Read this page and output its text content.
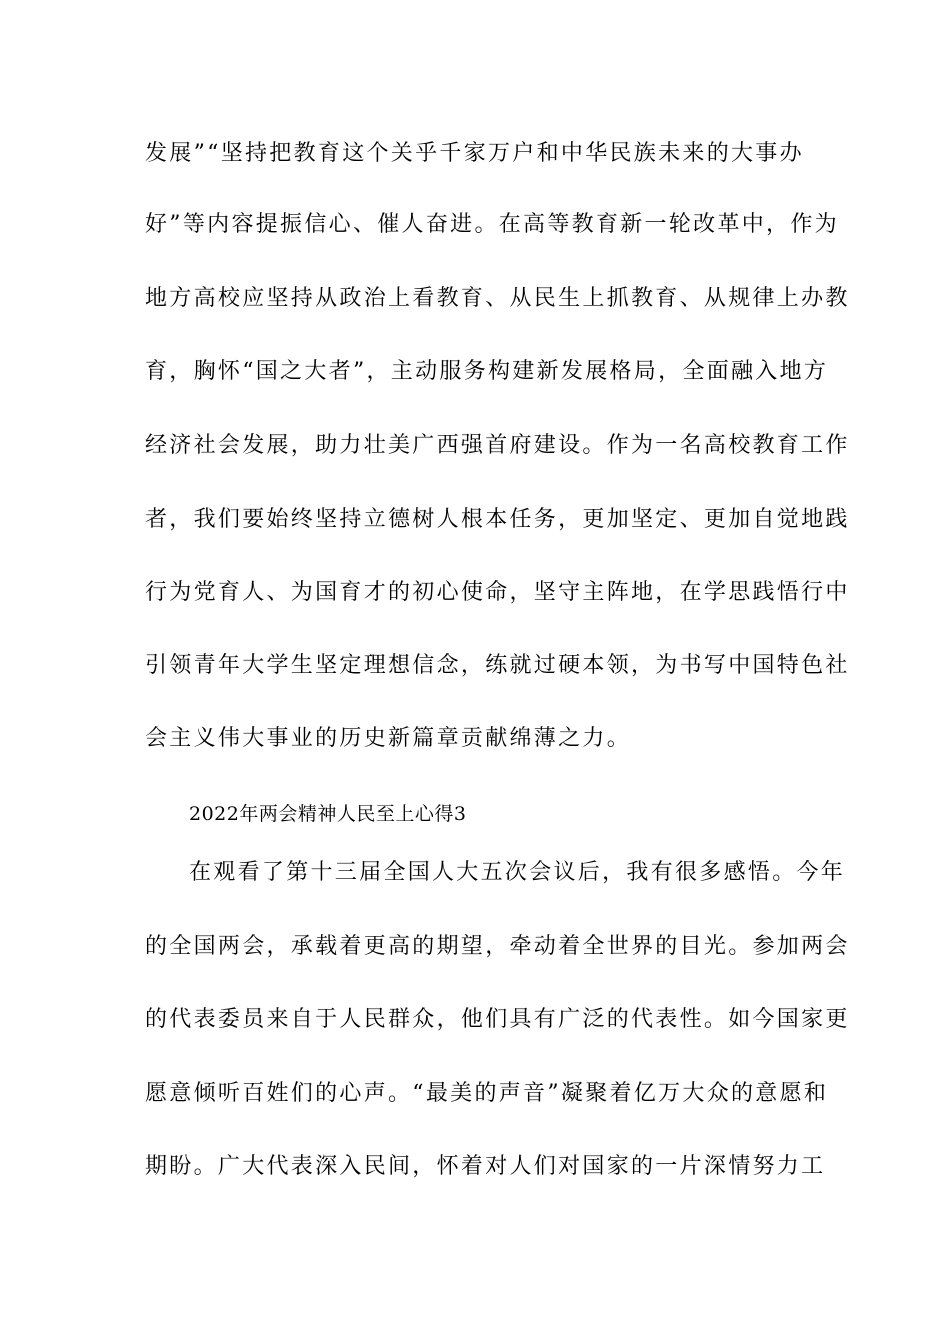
发展”“坚持把教育这个关乎千家万户和中华民族未来的大事办
好”等内容提振信心、催人奋进。在高等教育新一轮改革中，作为
地方高校应坚持从政治上看教育、从民生上抓教育、从规律上办教
育，胸怀“国之大者”，主动服务构建新发展格局，全面融入地方
经济社会发展，助力壮美广西强首府建设。作为一名高校教育工作
者，我们要始终坚持立德树人根本任务，更加坚定、更加自觉地践
行为党育人、为国育才的初心使命，坚守主阵地，在学思践悟行中
引领青年大学生坚定理想信念，练就过硬本领，为书写中国特色社
会主义伟大事业的历史新篇章贡献绵薄之力。
2022年两会精神人民至上心得3
在观看了第十三届全国人大五次会议后，我有很多感悟。今年
的全国两会，承载着更高的期望，牵动着全世界的目光。参加两会
的代表委员来自于人民群众，他们具有广泛的代表性。如今国家更
愿意倾听百姓们的心声。“最美的声音”凝聚着亿万大众的意愿和
期盼。广大代表深入民间，怀着对人们对国家的一片深情努力工
